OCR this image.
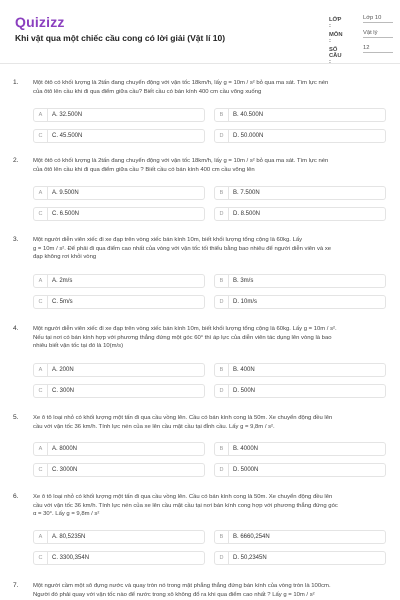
Quizizz
Khi vật qua một chiếc cầu cong có lời giải (Vật lí 10)
LỚP :
Lớp 10
MÔN :
Vật lý
SỐ CÂU :
12
1. Một ôtô có khối lượng là 2tấn đang chuyển động với vận tốc 18km/h, lấy g = 10m / s² bỏ qua ma sát. Tìm lực nén
của ôtô lên cầu khi đi qua điểm giữa cầu? Biết cầu có bán kính 400 cm cầu võng xuống
A	A. 32.500N	B	B. 40.500N
C	C. 45.500N	D	D. 50.000N
2. Một ôtô có khối lượng là 2tấn đang chuyển động với vận tốc 18km/h, lấy g = 10m / s² bỏ qua ma sát. Tìm lực nén
của ôtô lên cầu khi đi qua điểm giữa cầu ? Biết cầu có bán kính 400 cm cầu võng lên
A	A. 9.500N	B	B. 7.500N
C	C. 6.500N	D	D. 8.500N
3. Một người diễn viên xiếc đi xe đạp trên vòng xiếc bán kính 10m, biết khối lượng tổng cộng là 60kg. Lấy
g = 10m / s². Để phải đi qua điểm cao nhất của vòng với vận tốc tối thiểu bằng bao nhiêu để người diễn viên và xe
đạp không rơi khỏi vòng
A	A. 2m/s	B	B. 3m/s
C	C. 5m/s	D	D. 10m/s
4. Một người diễn viên xiếc đi xe đạp trên vòng xiếc bán kính 10m, biết khối lượng tổng cộng là 60kg. Lấy g = 10m / s².
Nếu tại nơi có bán kính hợp với phương thẳng đứng một góc 60° thì áp lực của diễn viên tác dụng lên vòng là bao
nhiêu biết vận tốc tại đó là 10(m/s)
A	A. 200N	B	B. 400N
C	C. 300N	D	D. 500N
5. Xe ô tô loại nhỏ có khối lượng một tấn đi qua cầu vồng lên. Cầu có bán kính cong là 50m. Xe chuyển động đều lên
cầu với vận tốc 36 km/h. Tính lực nén của xe lên cầu mặt cầu tại đỉnh cầu. Lấy g = 9,8m / s².
A	A. 8000N	B	B. 4000N
C	C. 3000N	D	D. 5000N
6. Xe ô tô loại nhỏ có khối lượng một tấn đi qua cầu vồng lên. Cầu có bán kính cong là 50m. Xe chuyển động đều lên
cầu với vận tốc 36 km/h. Tính lực nén của xe lên cầu mặt cầu tại nơi bán kính cong hợp với phương thẳng đứng góc
α = 30°. Lấy g = 9,8m / s²
A	A. 80,5235N	B	B. 6660,254N
C	C. 3300,354N	D	D. 50,2345N
7. Một người cầm một sô đựng nước và quay tròn nó trong mặt phẳng thẳng đứng bán kính của vòng tròn là 100cm.
Người đó phải quay với vận tốc nào để nước trong xô không đổ ra khi qua điểm cao nhất ? Lấy g = 10m / s²
